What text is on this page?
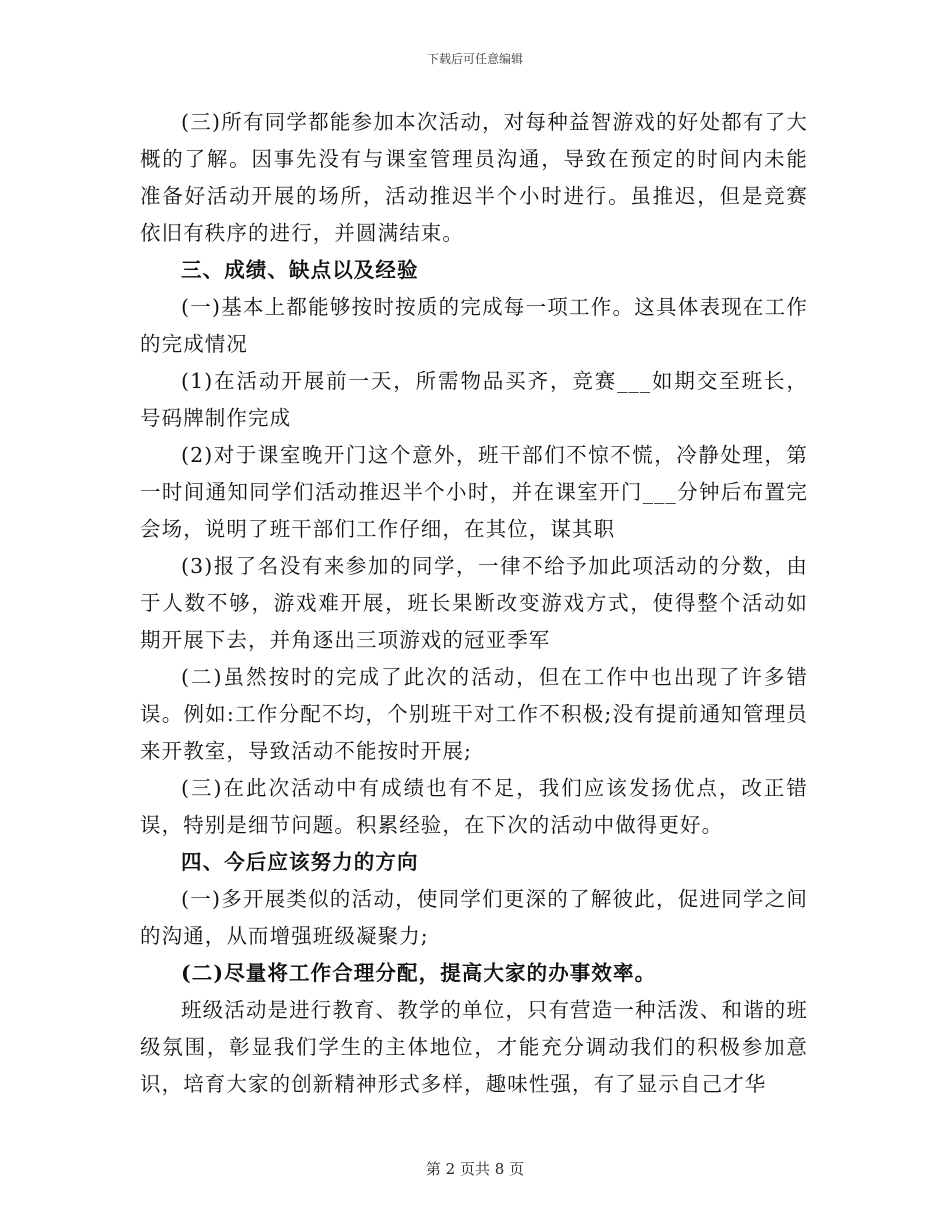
下载后可任意编辑

(三)所有同学都能参加本次活动，对每种益智游戏的好处都有了大概的了解。因事先没有与课室管理员沟通，导致在预定的时间内未能准备好活动开展的场所，活动推迟半个小时进行。虽推迟，但是竞赛依旧有秩序的进行，并圆满结束。

三、成绩、缺点以及经验

(一)基本上都能够按时按质的完成每一项工作。这具体表现在工作的完成情况

(1)在活动开展前一天，所需物品买齐，竞赛___如期交至班长，号码牌制作完成

(2)对于课室晚开门这个意外，班干部们不惊不慌，冷静处理，第一时间通知同学们活动推迟半个小时，并在课室开门___分钟后布置完会场，说明了班干部们工作仔细，在其位，谋其职

(3)报了名没有来参加的同学，一律不给予加此项活动的分数，由于人数不够，游戏难开展，班长果断改变游戏方式，使得整个活动如期开展下去，并角逐出三项游戏的冠亚季军

(二)虽然按时的完成了此次的活动，但在工作中也出现了许多错误。例如:工作分配不均，个别班干对工作不积极;没有提前通知管理员来开教室，导致活动不能按时开展;

(三)在此次活动中有成绩也有不足，我们应该发扬优点，改正错误，特别是细节问题。积累经验，在下次的活动中做得更好。

四、今后应该努力的方向

(一)多开展类似的活动，使同学们更深的了解彼此，促进同学之间的沟通，从而增强班级凝聚力;

(二)尽量将工作合理分配，提高大家的办事效率。

班级活动是进行教育、教学的单位，只有营造一种活泼、和谐的班级氛围，彰显我们学生的主体地位，才能充分调动我们的积极参加意识，培育大家的创新精神形式多样，趣味性强，有了显示自己才华

第 2 页共 8 页
